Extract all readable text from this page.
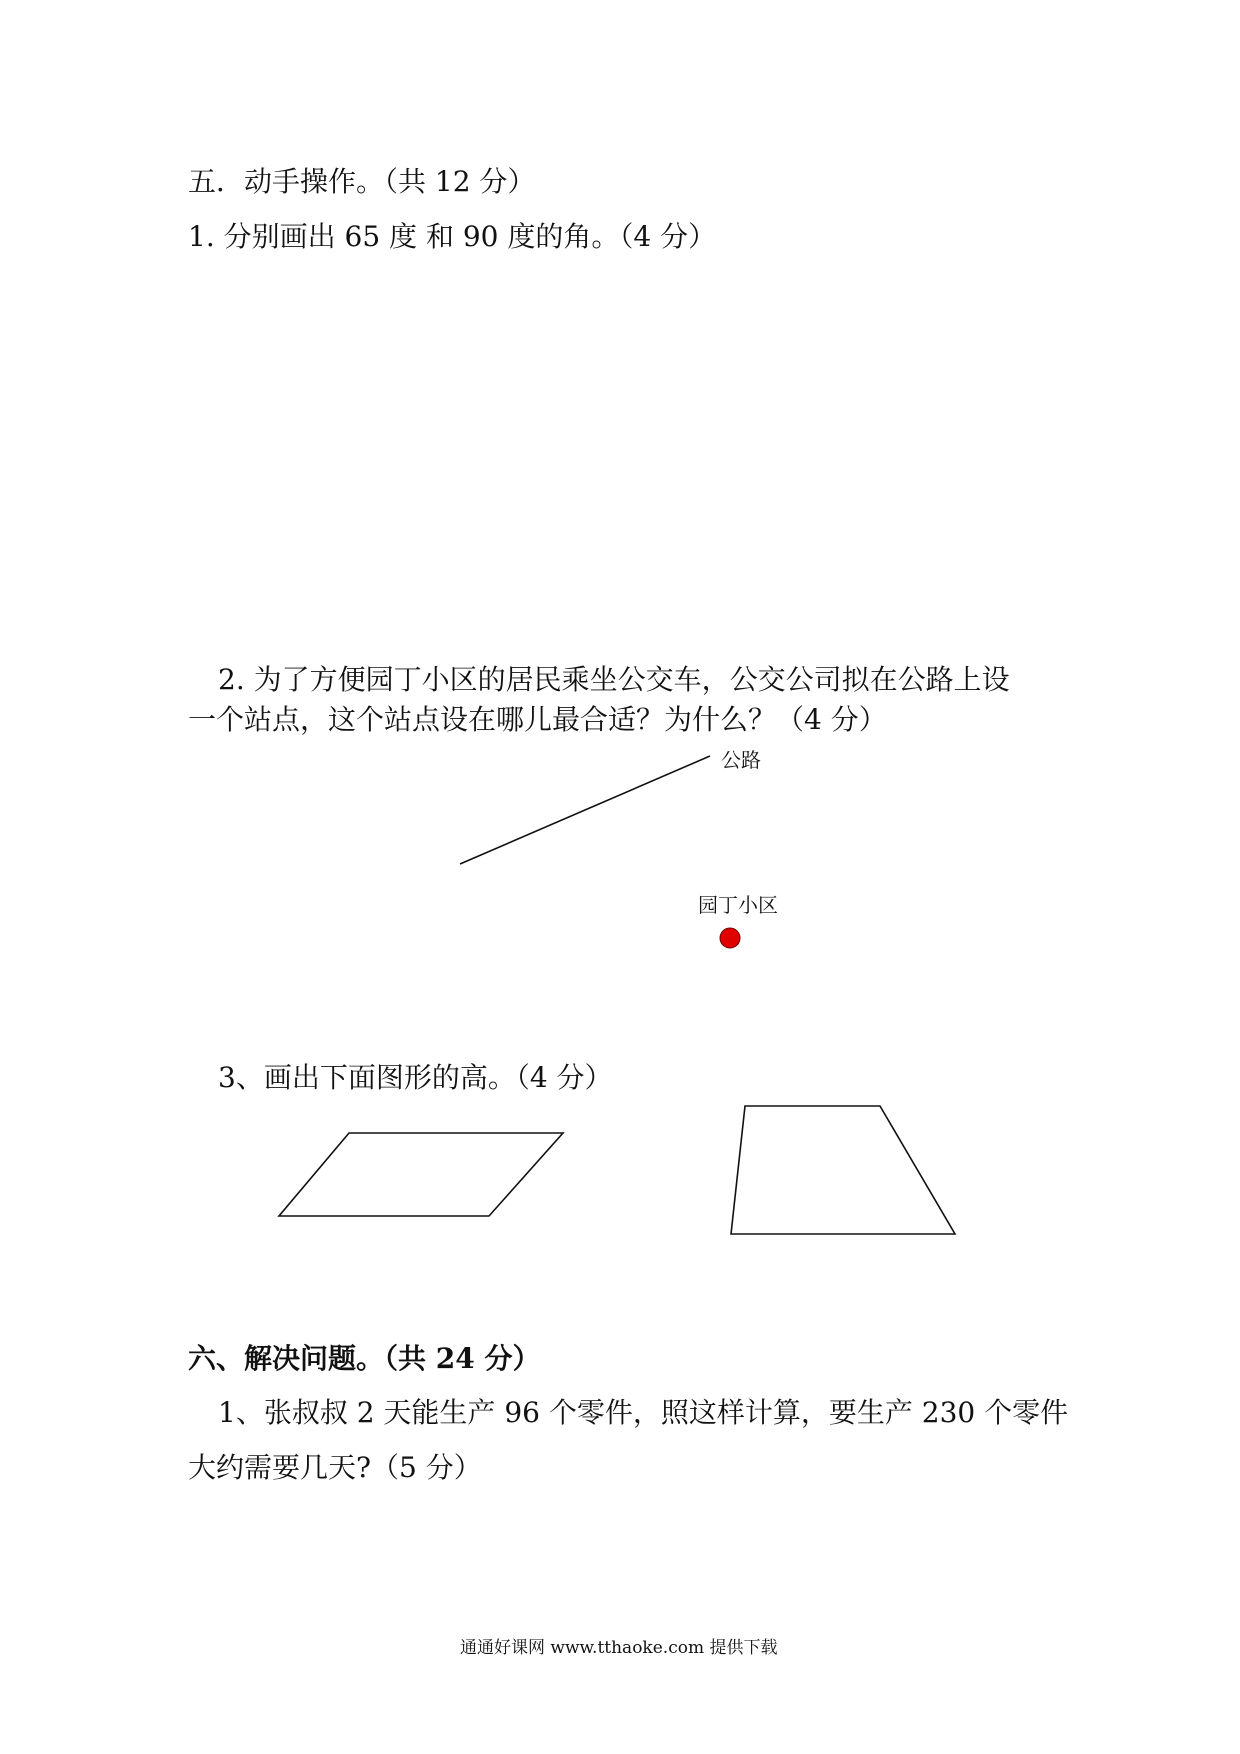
五．动手操作。（共 12 分）
1. 分别画出 65 度 和 90 度的角。（4 分）
2. 为了方便园丁小区的居民乘坐公交车，公交公司拟在公路上设
一个站点，这个站点设在哪儿最合适？为什么？（4 分）
公路
园丁小区
3、画出下面图形的高。（4 分）
六、解决问题。（共 24 分）
1、张叔叔 2 天能生产 96 个零件，照这样计算，要生产 230 个零件
大约需要几天?（5 分）
通通好课网 www.tthaoke.com 提供下载
